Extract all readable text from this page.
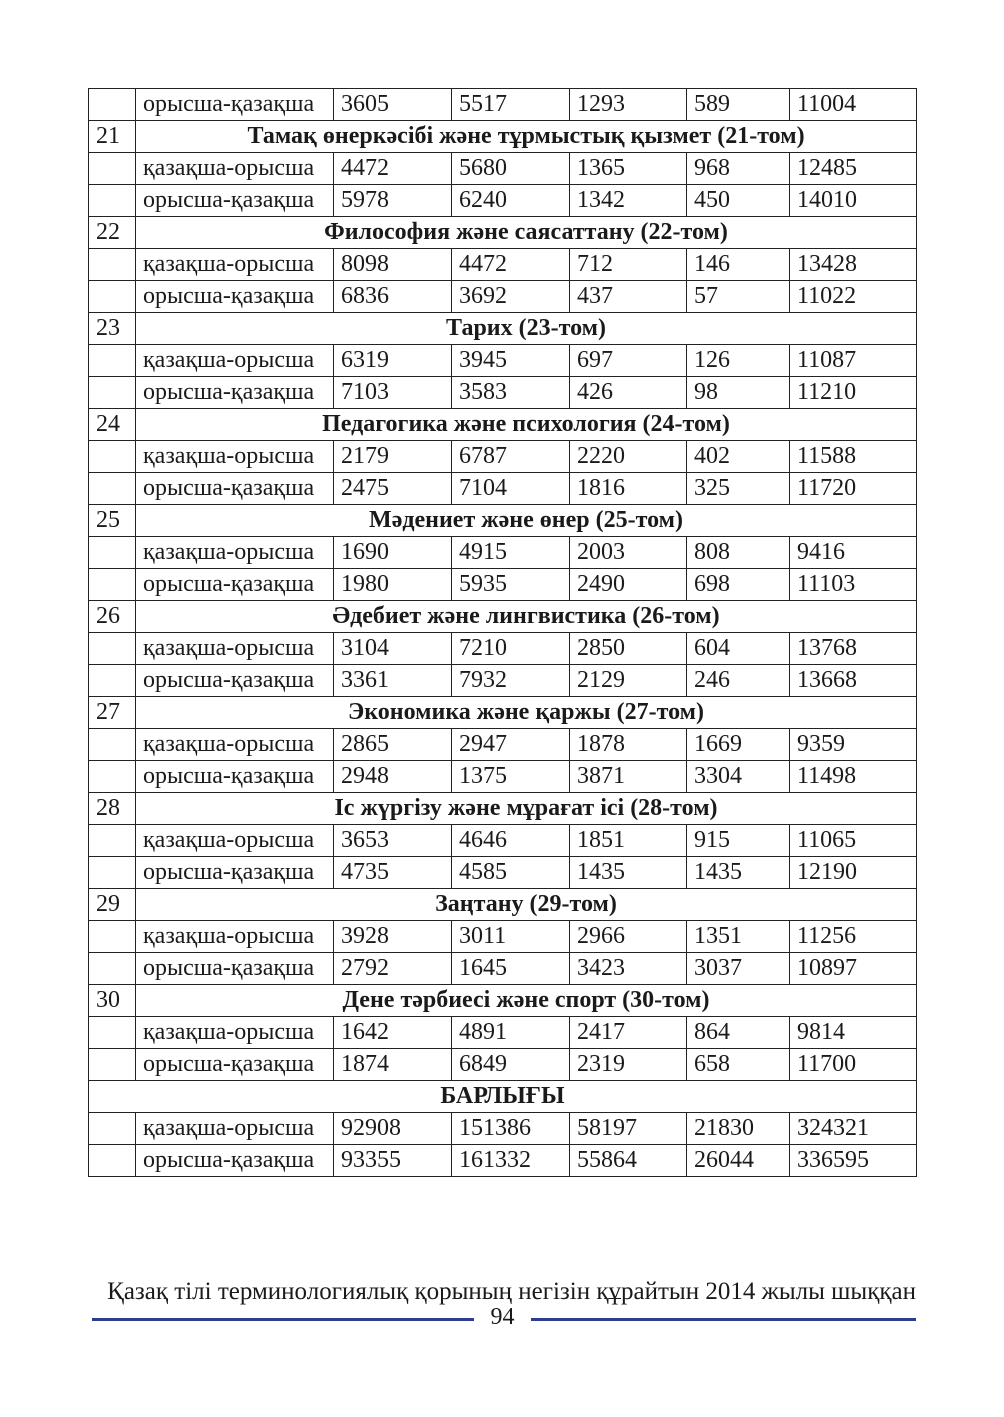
	орысша-қазақша	3605	5517	1293	589	11004
21	Тамақ өнеркәсібі және тұрмыстық қызмет (21-том)					
	қазақша-орысша	4472	5680	1365	968	12485
	орысша-қазақша	5978	6240	1342	450	14010
22	Философия және саясаттану (22-том)					
	қазақша-орысша	8098	4472	712	146	13428
	орысша-қазақша	6836	3692	437	57	11022
23	Тарих (23-том)					
	қазақша-орысша	6319	3945	697	126	11087
	орысша-қазақша	7103	3583	426	98	11210
24	Педагогика және психология (24-том)					
	қазақша-орысша	2179	6787	2220	402	11588
	орысша-қазақша	2475	7104	1816	325	11720
25	Мәдениет және өнер (25-том)					
	қазақша-орысша	1690	4915	2003	808	9416
	орысша-қазақша	1980	5935	2490	698	11103
26	Әдебиет және лингвистика (26-том)					
	қазақша-орысша	3104	7210	2850	604	13768
	орысша-қазақша	3361	7932	2129	246	13668
27	Экономика және қаржы (27-том)					
	қазақша-орысша	2865	2947	1878	1669	9359
	орысша-қазақша	2948	1375	3871	3304	11498
28	Іс жүргізу және мұрағат ісі (28-том)					
	қазақша-орысша	3653	4646	1851	915	11065
	орысша-қазақша	4735	4585	1435	1435	12190
29	Заңтану (29-том)					
	қазақша-орысша	3928	3011	2966	1351	11256
	орысша-қазақша	2792	1645	3423	3037	10897
30	Дене тәрбиесі және спорт (30-том)					
	қазақша-орысша	1642	4891	2417	864	9814
	орысша-қазақша	1874	6849	2319	658	11700
БАРЛЫҒЫ						
	қазақша-орысша	92908	151386	58197	21830	324321
	орысша-қазақша	93355	161332	55864	26044	336595
Қазақ тілі терминологиялық қорының негізін құрайтын 2014 жылы шыққан
94
